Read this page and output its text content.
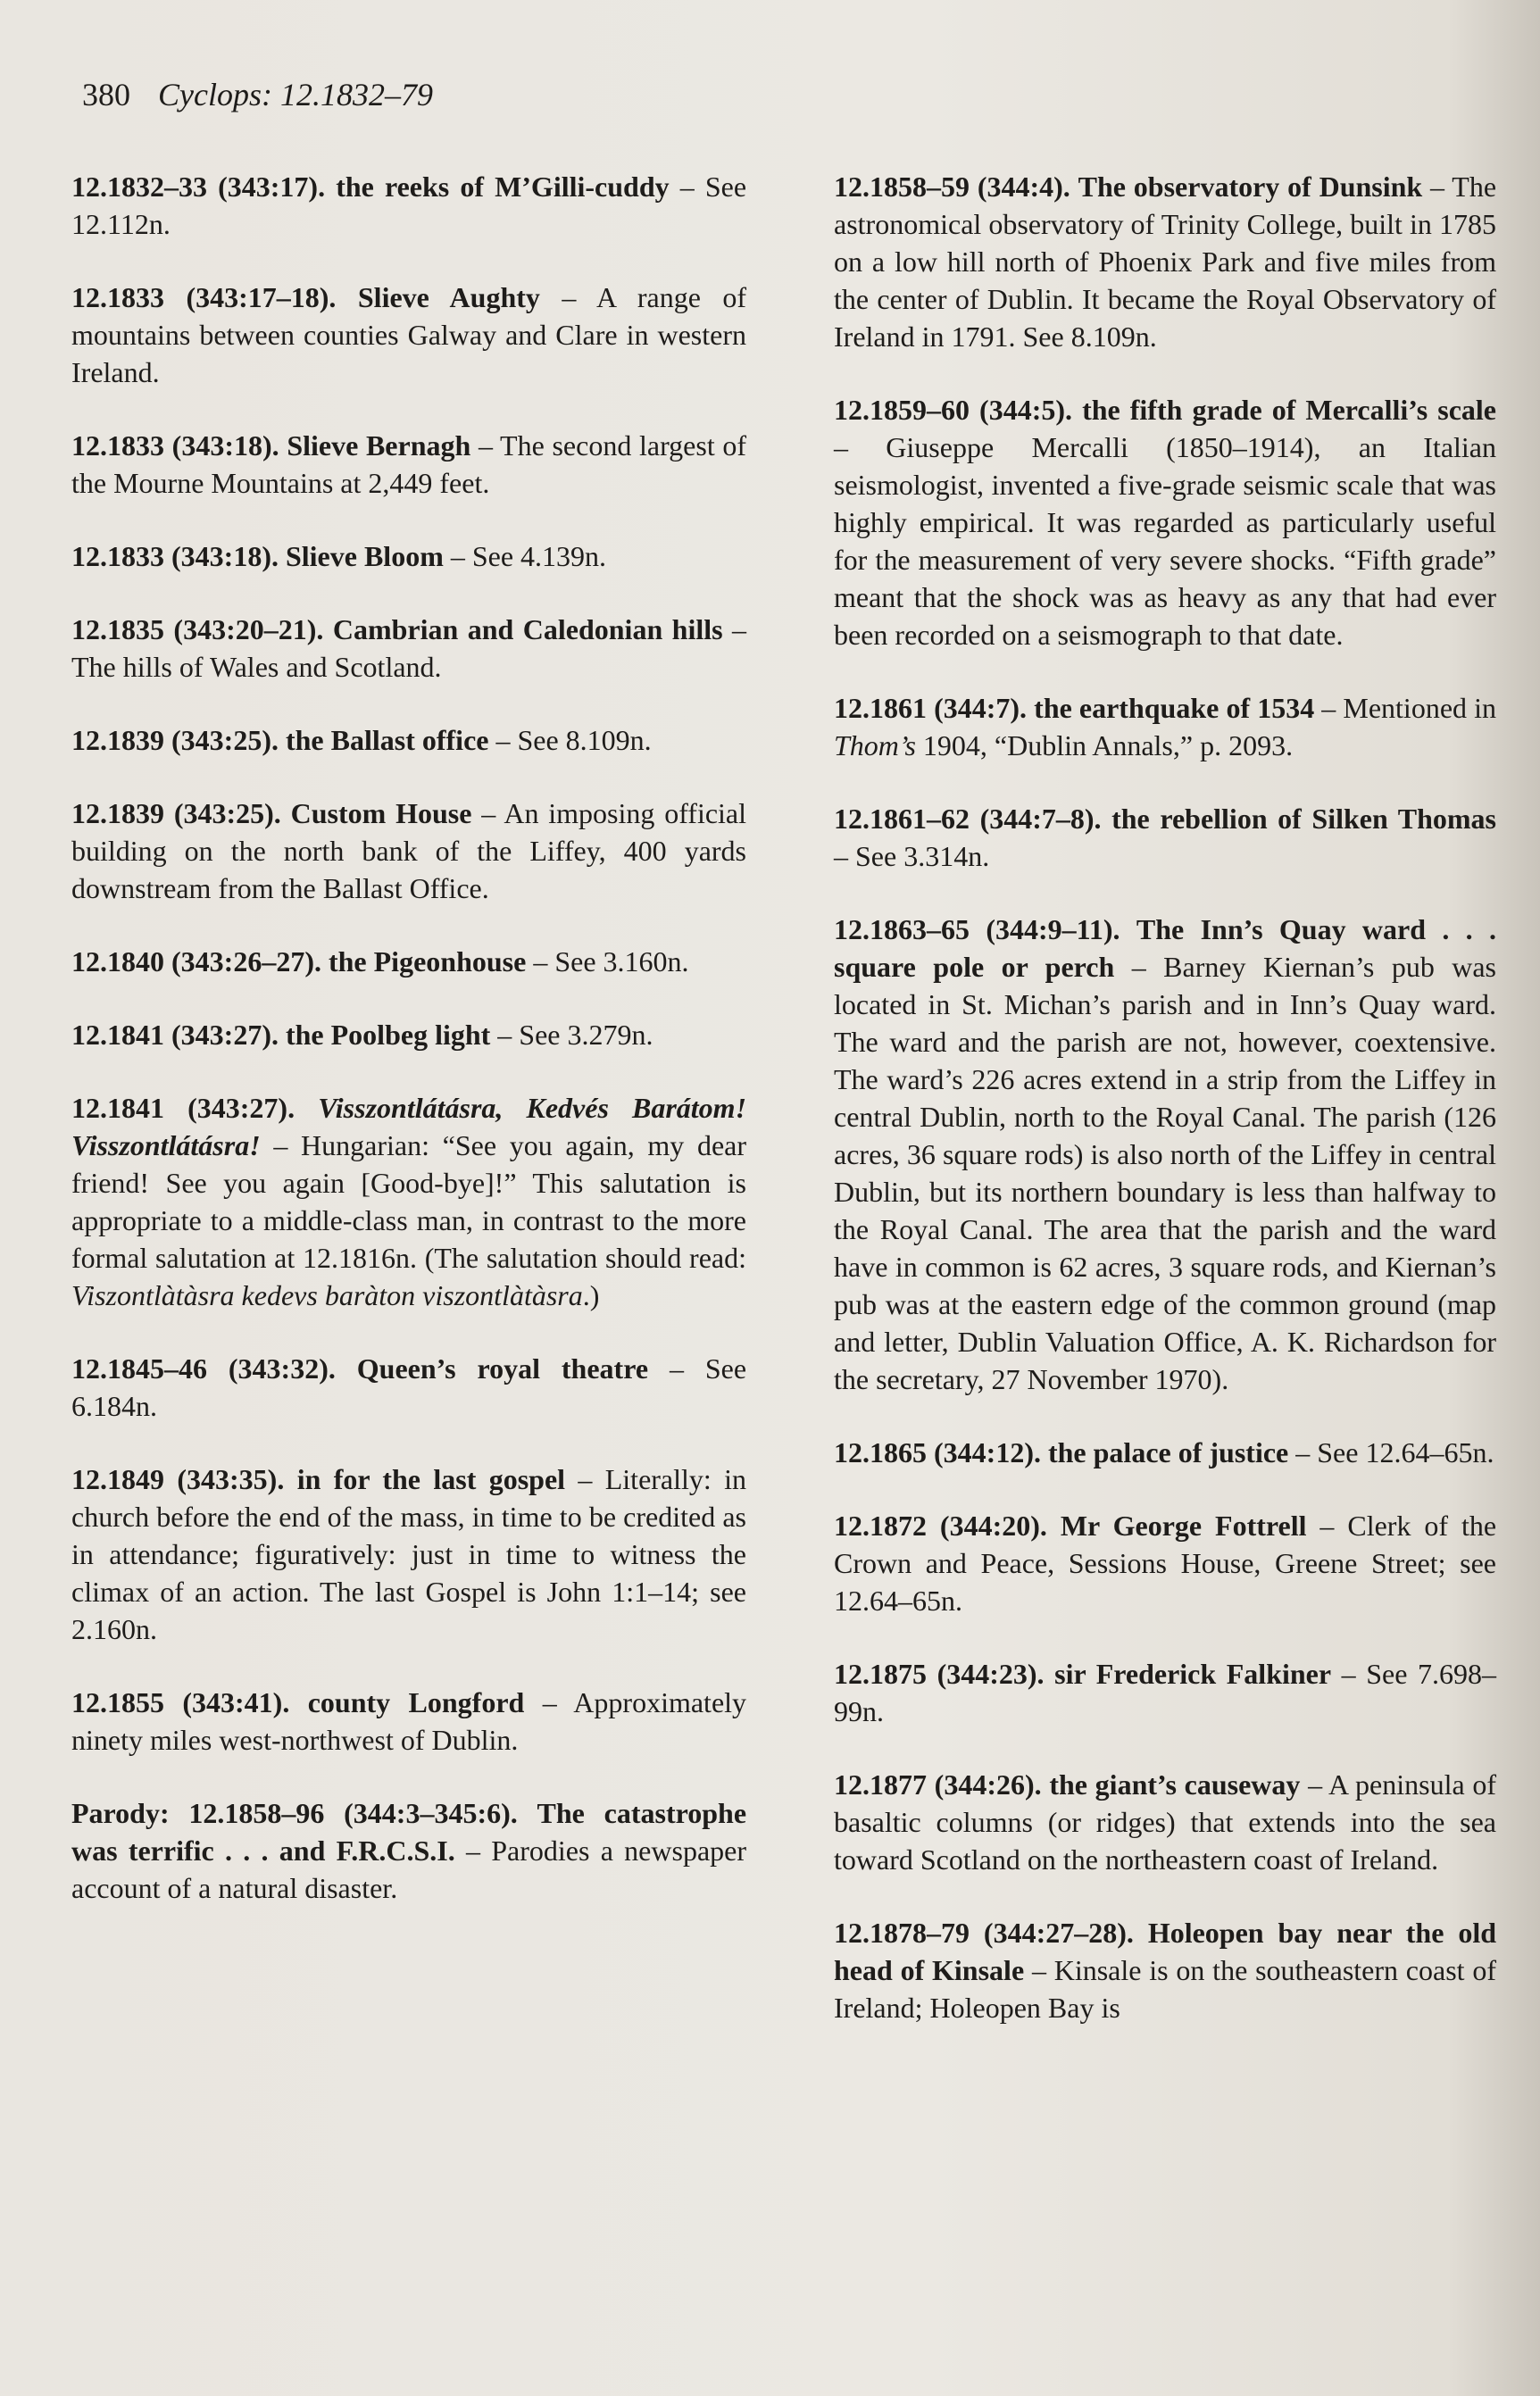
380 Cyclops: 12.1832–79

12.1832–33 (343:17). the reeks of M’Gilli-cuddy – See 12.112n.

12.1833 (343:17–18). Slieve Aughty – A range of mountains between counties Galway and Clare in western Ireland.

12.1833 (343:18). Slieve Bernagh – The second largest of the Mourne Mountains at 2,449 feet.

12.1833 (343:18). Slieve Bloom – See 4.139n.

12.1835 (343:20–21). Cambrian and Caledonian hills – The hills of Wales and Scotland.

12.1839 (343:25). the Ballast office – See 8.109n.

12.1839 (343:25). Custom House – An imposing official building on the north bank of the Liffey, 400 yards downstream from the Ballast Office.

12.1840 (343:26–27). the Pigeonhouse – See 3.160n.

12.1841 (343:27). the Poolbeg light – See 3.279n.

12.1841 (343:27). Visszontlátásra, Kedvés Barátom! Visszontlátásra! – Hungarian: “See you again, my dear friend! See you again [Good-bye]!” This salutation is appropriate to a middle-class man, in contrast to the more formal salutation at 12.1816n. (The salutation should read: Viszontlàtàsra kedevs baràton viszontlàtàsra.)

12.1845–46 (343:32). Queen’s royal theatre – See 6.184n.

12.1849 (343:35). in for the last gospel – Literally: in church before the end of the mass, in time to be credited as in attendance; figuratively: just in time to witness the climax of an action. The last Gospel is John 1:1–14; see 2.160n.

12.1855 (343:41). county Longford – Approximately ninety miles west-northwest of Dublin.

Parody: 12.1858–96 (344:3–345:6). The catastrophe was terrific . . . and F.R.C.S.I. – Parodies a newspaper account of a natural disaster.

12.1858–59 (344:4). The observatory of Dunsink – The astronomical observatory of Trinity College, built in 1785 on a low hill north of Phoenix Park and five miles from the center of Dublin. It became the Royal Observatory of Ireland in 1791. See 8.109n.

12.1859–60 (344:5). the fifth grade of Mercalli’s scale – Giuseppe Mercalli (1850–1914), an Italian seismologist, invented a five-grade seismic scale that was highly empirical. It was regarded as particularly useful for the measurement of very severe shocks. “Fifth grade” meant that the shock was as heavy as any that had ever been recorded on a seismograph to that date.

12.1861 (344:7). the earthquake of 1534 – Mentioned in Thom’s 1904, “Dublin Annals,” p. 2093.

12.1861–62 (344:7–8). the rebellion of Silken Thomas – See 3.314n.

12.1863–65 (344:9–11). The Inn’s Quay ward . . . square pole or perch – Barney Kiernan’s pub was located in St. Michan’s parish and in Inn’s Quay ward. The ward and the parish are not, however, coextensive. The ward’s 226 acres extend in a strip from the Liffey in central Dublin, north to the Royal Canal. The parish (126 acres, 36 square rods) is also north of the Liffey in central Dublin, but its northern boundary is less than halfway to the Royal Canal. The area that the parish and the ward have in common is 62 acres, 3 square rods, and Kiernan’s pub was at the eastern edge of the common ground (map and letter, Dublin Valuation Office, A. K. Richardson for the secretary, 27 November 1970).

12.1865 (344:12). the palace of justice – See 12.64–65n.

12.1872 (344:20). Mr George Fottrell – Clerk of the Crown and Peace, Sessions House, Greene Street; see 12.64–65n.

12.1875 (344:23). sir Frederick Falkiner – See 7.698–99n.

12.1877 (344:26). the giant’s causeway – A peninsula of basaltic columns (or ridges) that extends into the sea toward Scotland on the northeastern coast of Ireland.

12.1878–79 (344:27–28). Holeopen bay near the old head of Kinsale – Kinsale is on the southeastern coast of Ireland; Holeopen Bay is
